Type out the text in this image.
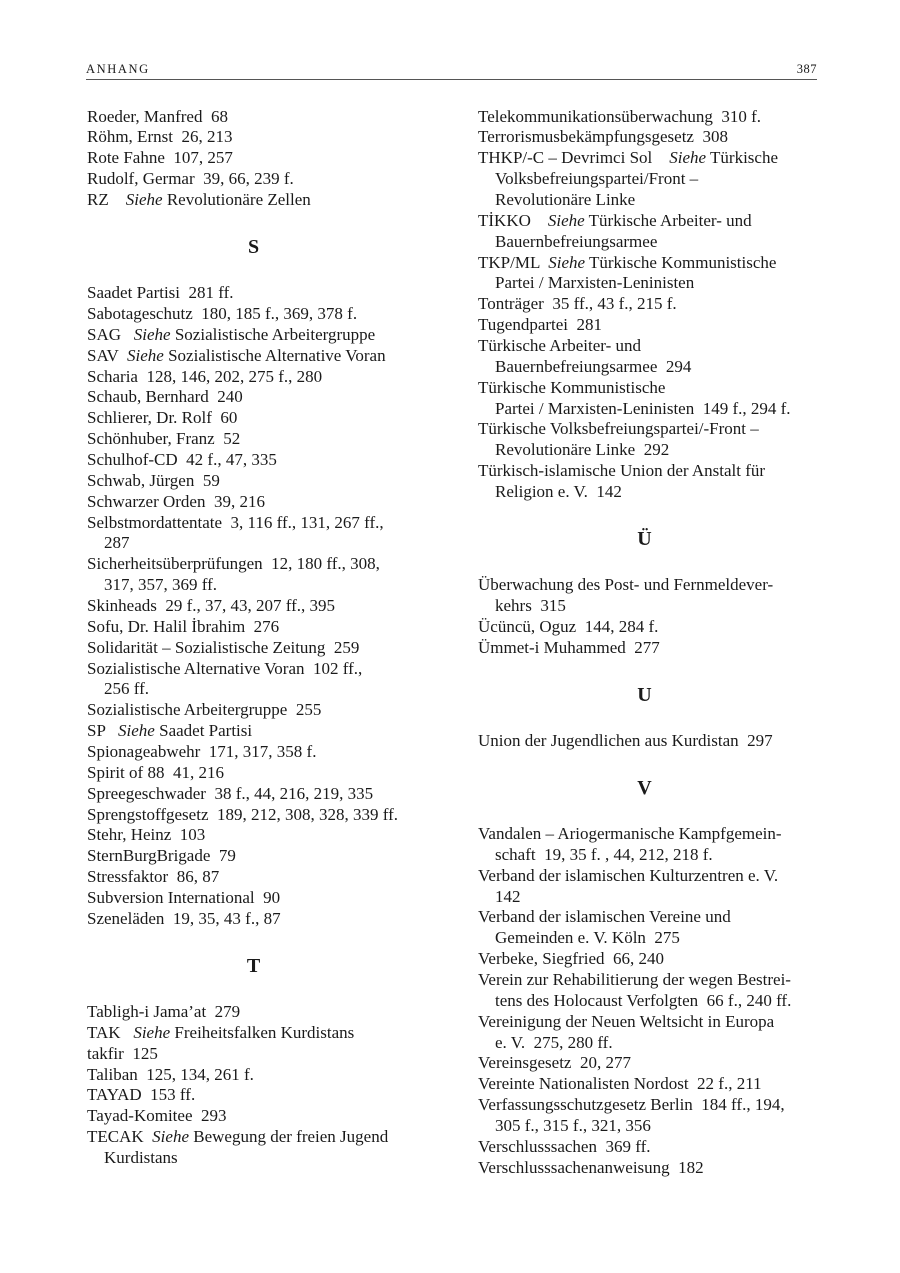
ANHANG	387
Roeder, Manfred  68
Röhm, Ernst  26, 213
Rote Fahne  107, 257
Rudolf, Germar  39, 66, 239 f.
RZ    Siehe Revolutionäre Zellen
S
Saadet Partisi  281 ff.
Sabotageschutz  180, 185 f., 369, 378 f.
SAG   Siehe Sozialistische Arbeitergruppe
SAV  Siehe Sozialistische Alternative Voran
Scharia  128, 146, 202, 275 f., 280
Schaub, Bernhard  240
Schlierer, Dr. Rolf  60
Schönhuber, Franz  52
Schulhof-CD  42 f., 47, 335
Schwab, Jürgen  59
Schwarzer Orden  39, 216
Selbstmordattentate  3, 116 ff., 131, 267 ff.,
287
Sicherheitsüberprüfungen  12, 180 ff., 308,
317, 357, 369 ff.
Skinheads  29 f., 37, 43, 207 ff., 395
Sofu, Dr. Halil İbrahim  276
Solidarität – Sozialistische Zeitung  259
Sozialistische Alternative Voran  102 ff.,
256 ff.
Sozialistische Arbeitergruppe  255
SP   Siehe Saadet Partisi
Spionageabwehr  171, 317, 358 f.
Spirit of 88  41, 216
Spreegeschwader  38 f., 44, 216, 219, 335
Sprengstoffgesetz  189, 212, 308, 328, 339 ff.
Stehr, Heinz  103
SternBurgBrigade  79
Stressfaktor  86, 87
Subversion International  90
Szeneläden  19, 35, 43 f., 87
T
Tabligh-i Jama’at  279
TAK   Siehe Freiheitsfalken Kurdistans
takfir  125
Taliban  125, 134, 261 f.
TAYAD  153 ff.
Tayad-Komitee  293
TECAK  Siehe Bewegung der freien Jugend
Kurdistans
Telekommunikationsüberwachung  310 f.
Terrorismusbekämpfungsgesetz  308
THKP/-C – Devrimci Sol    Siehe Türkische
Volksbefreiungspartei/Front –
Revolutionäre Linke
TİKKO    Siehe Türkische Arbeiter- und
Bauernbefreiungsarmee
TKP/ML  Siehe Türkische Kommunistische
Partei / Marxisten-Leninisten
Tonträger  35 ff., 43 f., 215 f.
Tugendpartei  281
Türkische Arbeiter- und
Bauernbefreiungsarmee  294
Türkische Kommunistische
Partei / Marxisten-Leninisten  149 f., 294 f.
Türkische Volksbefreiungspartei/-Front –
Revolutionäre Linke  292
Türkisch-islamische Union der Anstalt für
Religion e. V.  142
Ü
Überwachung des Post- und Fernmeldever-
kehrs  315
Ücüncü, Oguz  144, 284 f.
Ümmet-i Muhammed  277
U
Union der Jugendlichen aus Kurdistan  297
V
Vandalen – Ariogermanische Kampfgemein-
schaft  19, 35 f. , 44, 212, 218 f.
Verband der islamischen Kulturzentren e. V.
142
Verband der islamischen Vereine und
Gemeinden e. V. Köln  275
Verbeke, Siegfried  66, 240
Verein zur Rehabilitierung der wegen Bestrei-
tens des Holocaust Verfolgten  66 f., 240 ff.
Vereinigung der Neuen Weltsicht in Europa
e. V.  275, 280 ff.
Vereinsgesetz  20, 277
Vereinte Nationalisten Nordost  22 f., 211
Verfassungsschutzgesetz Berlin  184 ff., 194,
305 f., 315 f., 321, 356
Verschlusssachen  369 ff.
Verschlusssachenanweisung  182
